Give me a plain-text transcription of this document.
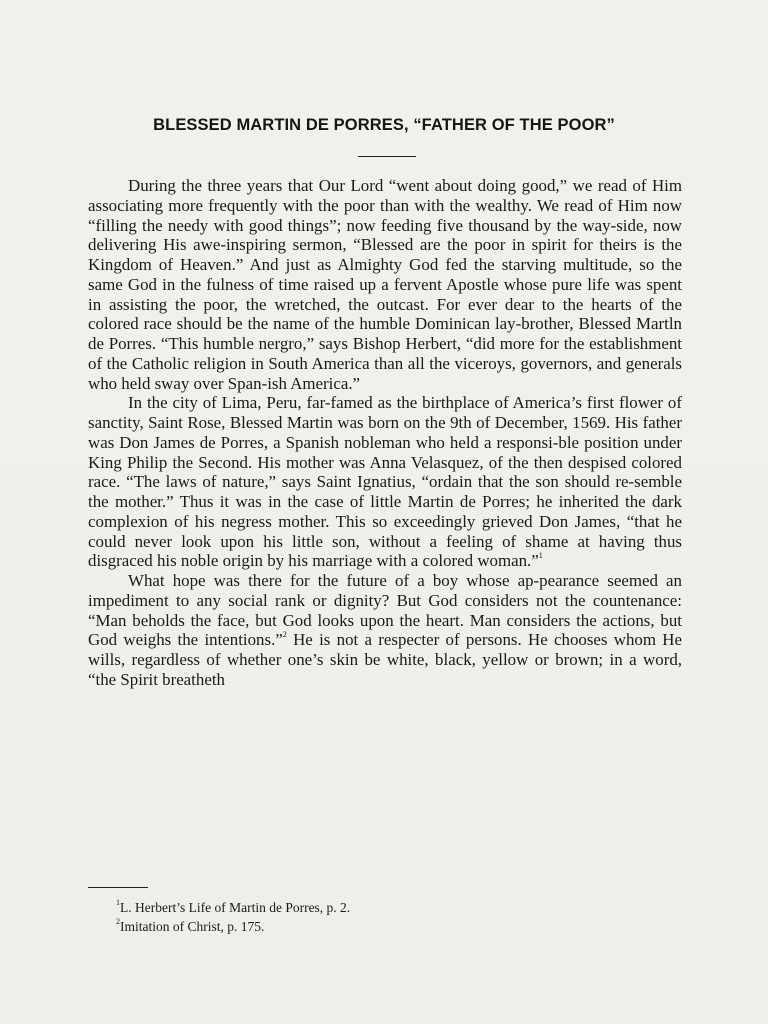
BLESSED MARTIN DE PORRES, “FATHER OF THE POOR”

During the three years that Our Lord “went about doing good,” we read of Him associating more frequently with the poor than with the wealthy. We read of Him now “filling the needy with good things”; now feeding five thousand by the way-side, now delivering His awe-inspiring sermon, “Blessed are the poor in spirit for theirs is the Kingdom of Heaven.” And just as Almighty God fed the starving multitude, so the same God in the fulness of time raised up a fervent Apostle whose pure life was spent in assisting the poor, the wretched, the outcast. For ever dear to the hearts of the colored race should be the name of the humble Dominican lay-brother, Blessed Martln de Porres. “This humble nergro,” says Bishop Herbert, “did more for the establishment of the Catholic religion in South America than all the viceroys, governors, and generals who held sway over Span-ish America.”

In the city of Lima, Peru, far-famed as the birthplace of America’s first flower of sanctity, Saint Rose, Blessed Martin was born on the 9th of December, 1569. His father was Don James de Porres, a Spanish nobleman who held a responsi-ble position under King Philip the Second. His mother was Anna Velasquez, of the then despised colored race. “The laws of nature,” says Saint Ignatius, “ordain that the son should re-semble the mother.” Thus it was in the case of little Martin de Porres; he inherited the dark complexion of his negress mother. This so exceedingly grieved Don James, “that he could never look upon his little son, without a feeling of shame at having thus disgraced his noble origin by his marriage with a colored woman.”$^1$

What hope was there for the future of a boy whose ap-pearance seemed an impediment to any social rank or dignity? But God considers not the countenance: “Man beholds the face, but God looks upon the heart. Man considers the actions, but God weighs the intentions.”$^2$ He is not a respecter of persons. He chooses whom He wills, regardless of whether one’s skin be white, black, yellow or brown; in a word, “the Spirit breatheth

$^1$L. Herbert’s Life of Martin de Porres, p. 2.
$^2$Imitation of Christ, p. 175.
